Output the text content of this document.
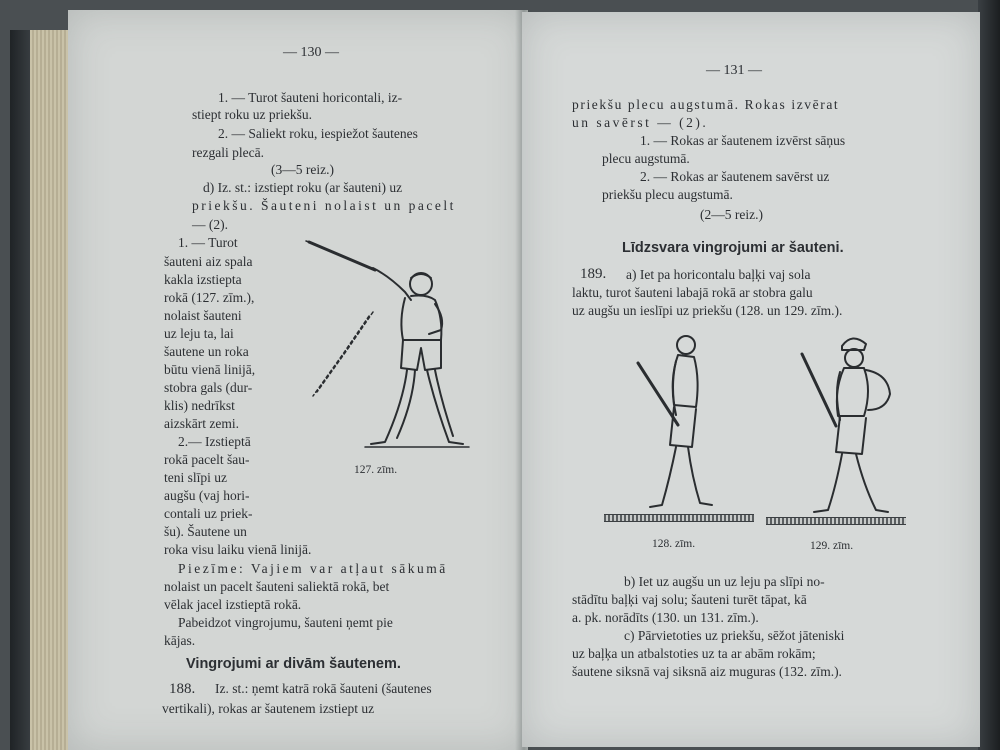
— 130 —
1. — Turot šauteni horicontali, iz-
stiept roku uz priekšu.
2. — Saliekt roku, iespiežot šautenes
rezgali plecā.
(3—5 reiz.)
d) Iz. st.: izstiept roku (ar šauteni) uz
priekšu. Šauteni nolaist un pacelt
— (2).
1. — Turot
šauteni aiz spala
kakla izstiepta
rokā (127. zīm.),
nolaist šauteni
uz leju ta, lai
šautene un roka
būtu vienā linijā,
stobra gals (dur-
klis) nedrīkst
aizskārt zemi.
2.— Izstieptā
rokā pacelt šau-
teni slīpi uz
augšu (vaj hori-
contali uz priek-
šu). Šautene un
roka visu laiku vienā linijā.
127. zīm.
Piezīme: Vajiem var atļaut sākumā
nolaist un pacelt šauteni saliektā rokā, bet
vēlak jacel izstieptā rokā.
Pabeidzot vingrojumu, šauteni ņemt pie
kājas.
Vingrojumi ar divām šautenem.
188. Iz. st.: ņemt katrā rokā šauteni (šautenes
vertikali), rokas ar šautenem izstiept uz
— 131 —
priekšu plecu augstumā. Rokas izvērat
un savērst — (2).
1. — Rokas ar šautenem izvērst sāņus
plecu augstumā.
2. — Rokas ar šautenem savērst uz
priekšu plecu augstumā.
(2—5 reiz.)
Līdzsvara vingrojumi ar šauteni.
189. a) Iet pa horicontalu baļķi vaj sola
laktu, turot šauteni labajā rokā ar stobra galu
uz augšu un ieslīpi uz priekšu (128. un 129. zīm.).
128. zīm.	129. zīm.
b) Iet uz augšu un uz leju pa slīpi no-
stādītu baļķi vaj solu; šauteni turēt tāpat, kā
a. pk. norādīts (130. un 131. zīm.).
c) Pārvietoties uz priekšu, sēžot jāteniski
uz baļķa un atbalstoties uz ta ar abām rokām;
šautene siksnā vaj siksnā aiz muguras (132. zīm.).
